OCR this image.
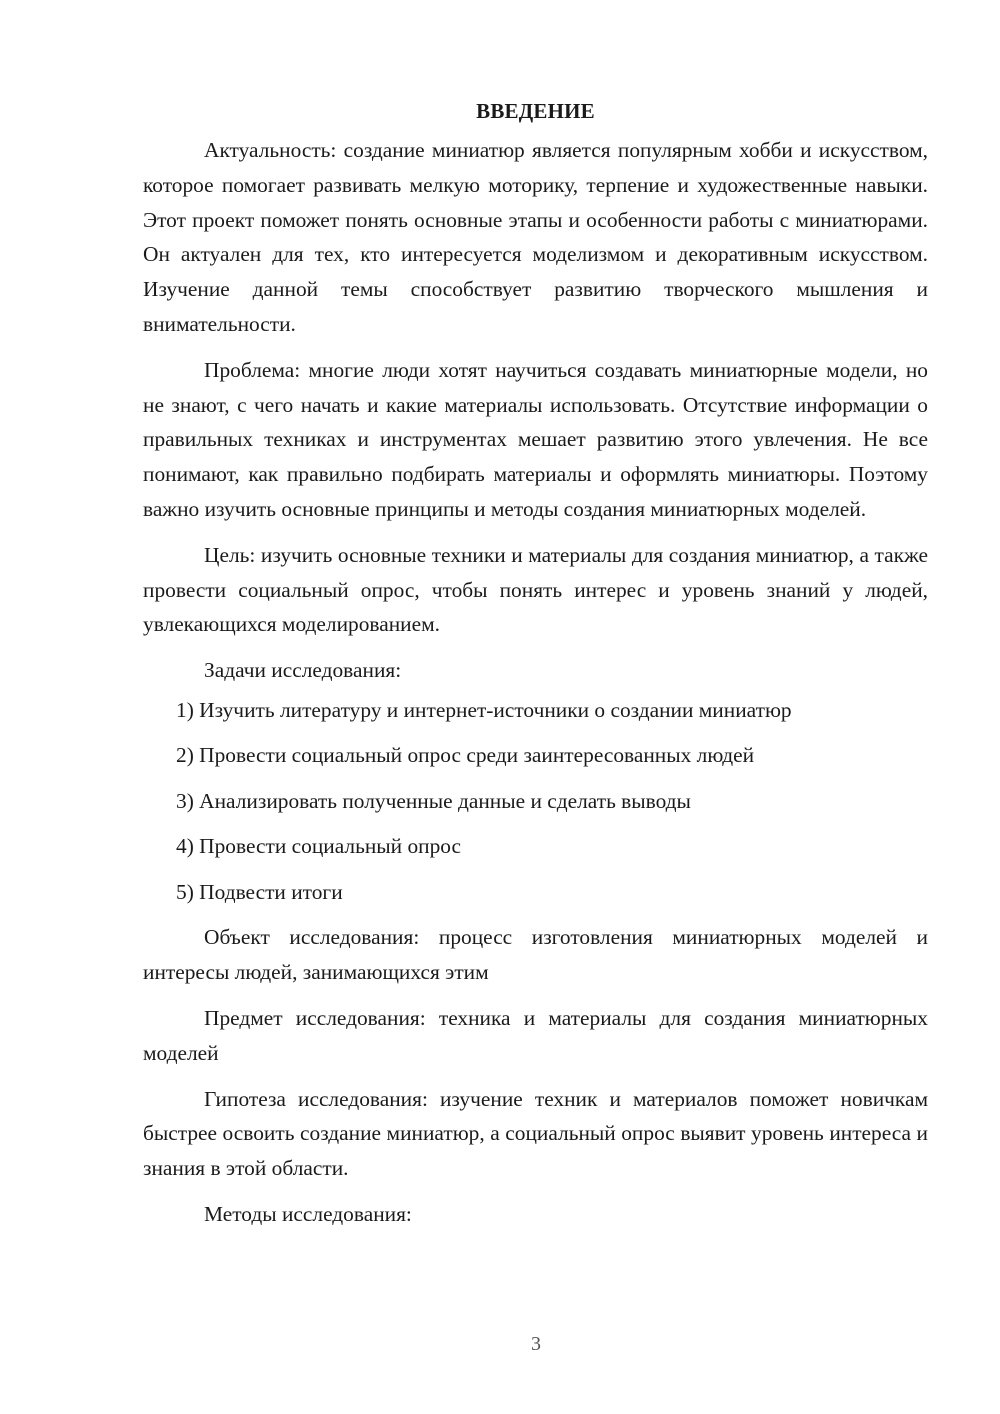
ВВЕДЕНИЕ

Актуальность: создание миниатюр является популярным хобби и искусством, которое помогает развивать мелкую моторику, терпение и художественные навыки. Этот проект поможет понять основные этапы и особенности работы с миниатюрами. Он актуален для тех, кто интересуется моделизмом и декоративным искусством. Изучение данной темы способствует развитию творческого мышления и внимательности.

Проблема: многие люди хотят научиться создавать миниатюрные модели, но не знают, с чего начать и какие материалы использовать. Отсутствие информации о правильных техниках и инструментах мешает развитию этого увлечения. Не все понимают, как правильно подбирать материалы и оформлять миниатюры. Поэтому важно изучить основные принципы и методы создания миниатюрных моделей.

Цель: изучить основные техники и материалы для создания миниатюр, а также провести социальный опрос, чтобы понять интерес и уровень знаний у людей, увлекающихся моделированием.

Задачи исследования:

1) Изучить литературу и интернет-источники о создании миниатюр
2) Провести социальный опрос среди заинтересованных людей
3) Анализировать полученные данные и сделать выводы
4) Провести социальный опрос
5) Подвести итоги

Объект исследования: процесс изготовления миниатюрных моделей и интересы людей, занимающихся этим

Предмет исследования: техника и материалы для создания миниатюрных моделей

Гипотеза исследования: изучение техник и материалов поможет новичкам быстрее освоить создание миниатюр, а социальный опрос выявит уровень интереса и знания в этой области.

Методы исследования:

3
